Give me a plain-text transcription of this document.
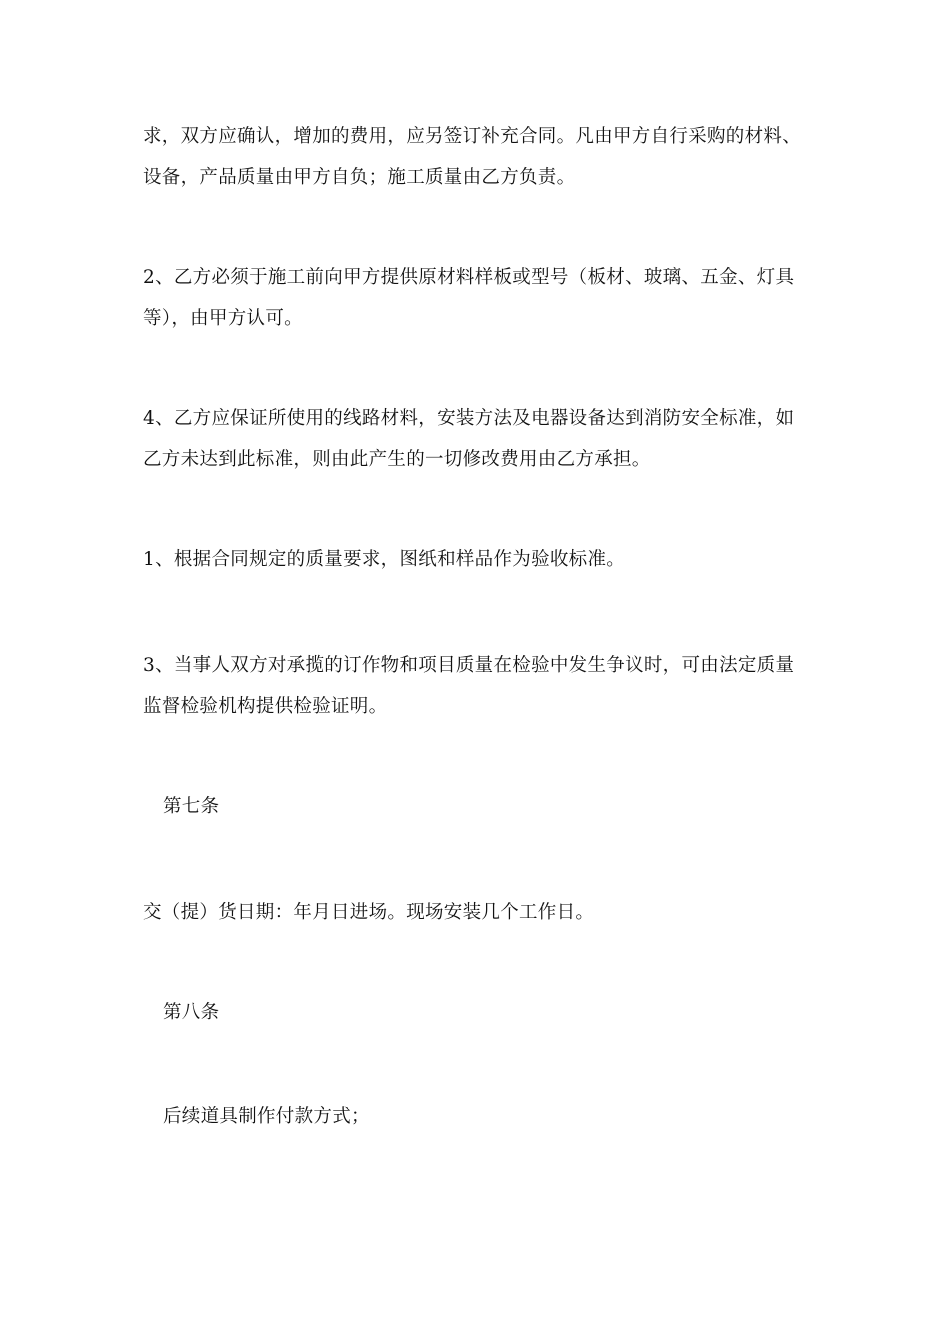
求，双方应确认，增加的费用，应另签订补充合同。凡由甲方自行采购的材料、设备，产品质量由甲方自负；施工质量由乙方负责。

2、乙方必须于施工前向甲方提供原材料样板或型号（板材、玻璃、五金、灯具等），由甲方认可。

4、乙方应保证所使用的线路材料，安装方法及电器设备达到消防安全标准，如乙方未达到此标准，则由此产生的一切修改费用由乙方承担。

1、根据合同规定的质量要求，图纸和样品作为验收标准。

3、当事人双方对承揽的订作物和项目质量在检验中发生争议时，可由法定质量监督检验机构提供检验证明。

第七条

交（提）货日期：年月日进场。现场安装几个工作日。

第八条

后续道具制作付款方式；
